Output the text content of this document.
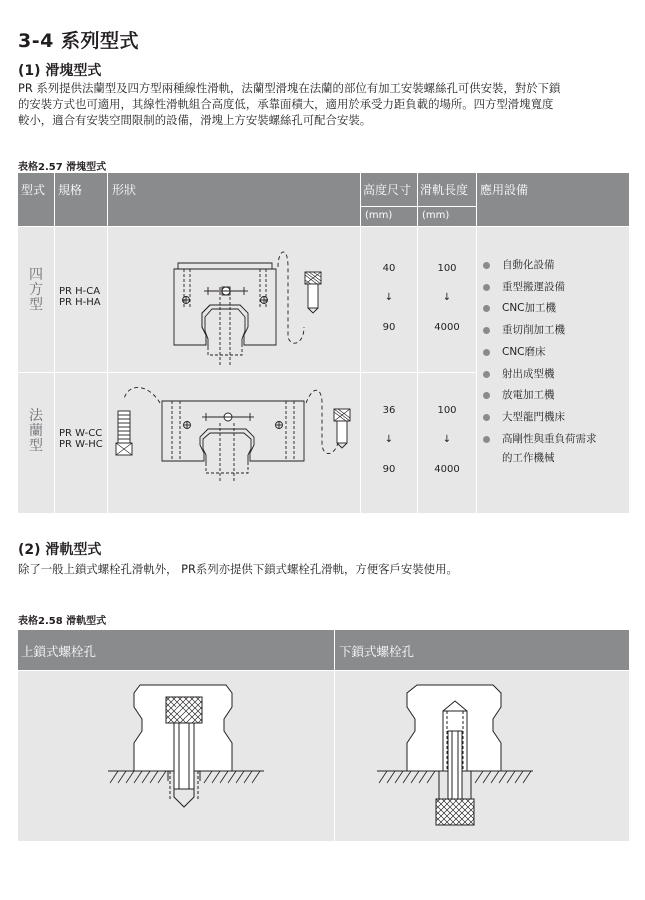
3-4 系列型式
(1) 滑塊型式
PR 系列提供法蘭型及四方型兩種線性滑軌，法蘭型滑塊在法蘭的部位有加工安裝螺絲孔可供安裝，對於下鎖
的安裝方式也可適用，其線性滑軌組合高度低，承靠面積大，適用於承受力距負載的場所。四方型滑塊寬度
較小，適合有安裝空間限制的設備，滑塊上方安裝螺絲孔可配合安裝。
表格2.57 滑塊型式
型式 規格 形狀	高度尺寸
(mm)
滑軌長度
(mm)
應用設備
四
方
型
PR H-CA
PR H-HA
40
↓
90
100
↓
4000
法
蘭
型
PR W-CC
PR W-HC
36
↓
90
100
↓
4000
自動化設備
重型搬運設備
CNC加工機
重切削加工機
CNC磨床
射出成型機
放電加工機
大型龍門機床
高剛性與重負荷需求
的工作機械
(2) 滑軌型式
除了一般上鎖式螺栓孔滑軌外， PR系列亦提供下鎖式螺栓孔滑軌，方便客戶安裝使用。
表格2.58 滑軌型式
上鎖式螺栓孔	下鎖式螺栓孔
